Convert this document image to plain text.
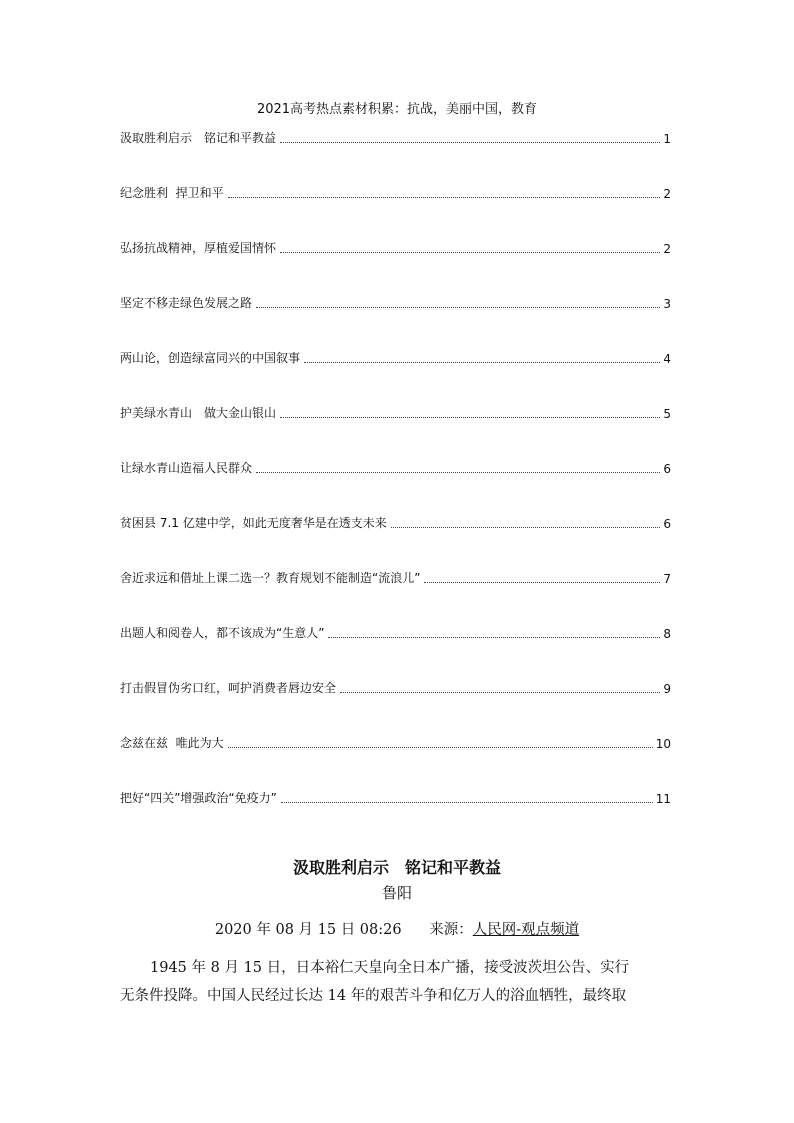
2021高考热点素材积累：抗战，美丽中国，教育
汲取胜利启示　铭记和平教益	1
纪念胜利  捍卫和平	2
弘扬抗战精神，厚植爱国情怀	2
坚定不移走绿色发展之路	3
两山论，创造绿富同兴的中国叙事	4
护美绿水青山　做大金山银山	5
让绿水青山造福人民群众	6
贫困县 7.1 亿建中学，如此无度奢华是在透支未来	6
舍近求远和借址上课二选一？教育规划不能制造“流浪儿”	7
出题人和阅卷人，都不该成为“生意人”	8
打击假冒伪劣口红，呵护消费者唇边安全	9
念兹在兹  唯此为大	10
把好“四关”增强政治“免疫力”	11
汲取胜利启示　铭记和平教益
鲁阳
2020 年 08 月 15 日 08:26 来源：人民网-观点频道
1945 年 8 月 15 日，日本裕仁天皇向全日本广播，接受波茨坦公告、实行
无条件投降。中国人民经过长达 14 年的艰苦斗争和亿万人的浴血牺牲，最终取
